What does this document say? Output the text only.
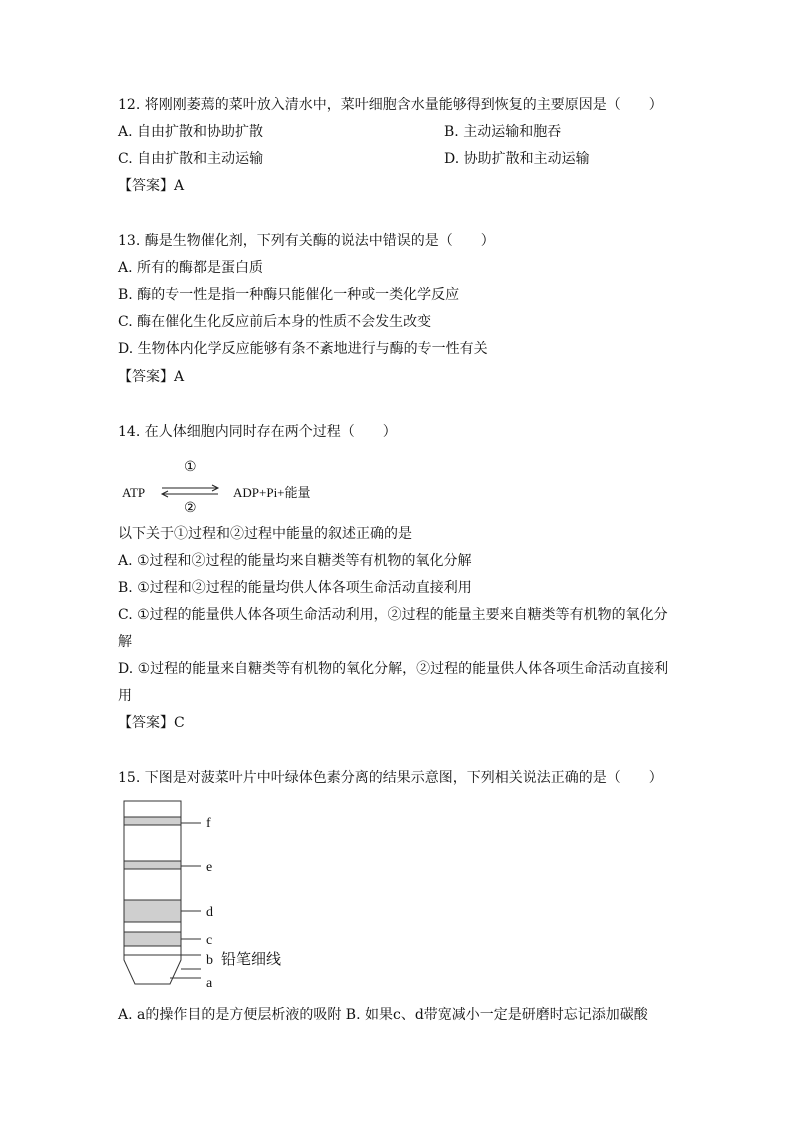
12. 将刚刚萎蔫的菜叶放入清水中，菜叶细胞含水量能够得到恢复的主要原因是（　　）
A. 自由扩散和协助扩散	B. 主动运输和胞吞
C. 自由扩散和主动运输	D. 协助扩散和主动运输
【答案】A
13. 酶是生物催化剂，下列有关酶的说法中错误的是（　　）
A. 所有的酶都是蛋白质
B. 酶的专一性是指一种酶只能催化一种或一类化学反应
C. 酶在催化生化反应前后本身的性质不会发生改变
D. 生物体内化学反应能够有条不紊地进行与酶的专一性有关
【答案】A
14. 在人体细胞内同时存在两个过程（　　）
ATP
①
②
ADP+Pi+能量
以下关于①过程和②过程中能量的叙述正确的是
A. ①过程和②过程的能量均来自糖类等有机物的氧化分解
B. ①过程和②过程的能量均供人体各项生命活动直接利用
C. ①过程的能量供人体各项生命活动利用，②过程的能量主要来自糖类等有机物的氧化分
解
D. ①过程的能量来自糖类等有机物的氧化分解，②过程的能量供人体各项生命活动直接利
用
【答案】C
15. 下图是对菠菜叶片中叶绿体色素分离的结果示意图，下列相关说法正确的是（　　）
f
e
d
c
b 铅笔细线
a
A. a的操作目的是方便层析液的吸附 B. 如果c、d带宽减小一定是研磨时忘记添加碳酸
